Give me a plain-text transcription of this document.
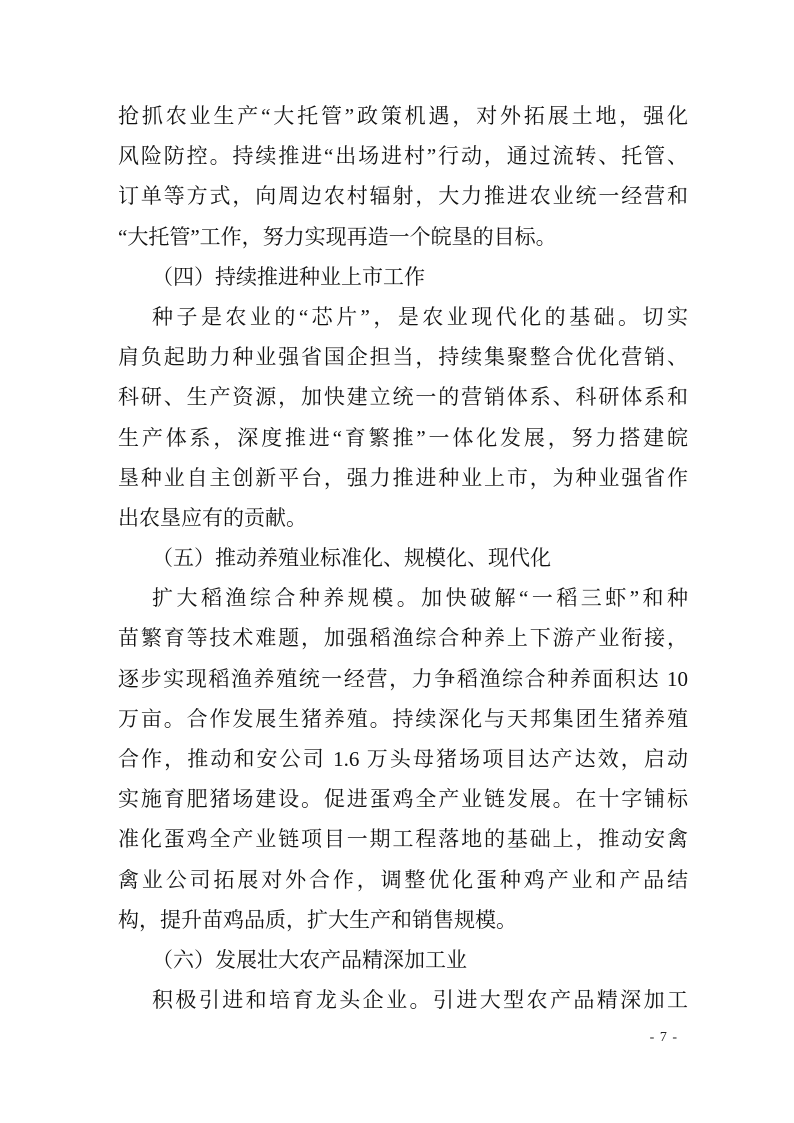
抢抓农业生产“大托管”政策机遇，对外拓展土地，强化
风险防控。持续推进“出场进村”行动，通过流转、托管、
订单等方式，向周边农村辐射，大力推进农业统一经营和
“大托管”工作，努力实现再造一个皖垦的目标。
（四）持续推进种业上市工作
种子是农业的“芯片”，是农业现代化的基础。切实
肩负起助力种业强省国企担当，持续集聚整合优化营销、
科研、生产资源，加快建立统一的营销体系、科研体系和
生产体系，深度推进“育繁推”一体化发展，努力搭建皖
垦种业自主创新平台，强力推进种业上市，为种业强省作
出农垦应有的贡献。
（五）推动养殖业标准化、规模化、现代化
扩大稻渔综合种养规模。加快破解“一稻三虾”和种
苗繁育等技术难题，加强稻渔综合种养上下游产业衔接，
逐步实现稻渔养殖统一经营，力争稻渔综合种养面积达 10
万亩。合作发展生猪养殖。持续深化与天邦集团生猪养殖
合作，推动和安公司 1.6 万头母猪场项目达产达效，启动
实施育肥猪场建设。促进蛋鸡全产业链发展。在十字铺标
准化蛋鸡全产业链项目一期工程落地的基础上，推动安禽
禽业公司拓展对外合作，调整优化蛋种鸡产业和产品结
构，提升苗鸡品质，扩大生产和销售规模。
（六）发展壮大农产品精深加工业
积极引进和培育龙头企业。引进大型农产品精深加工
- 7 -
